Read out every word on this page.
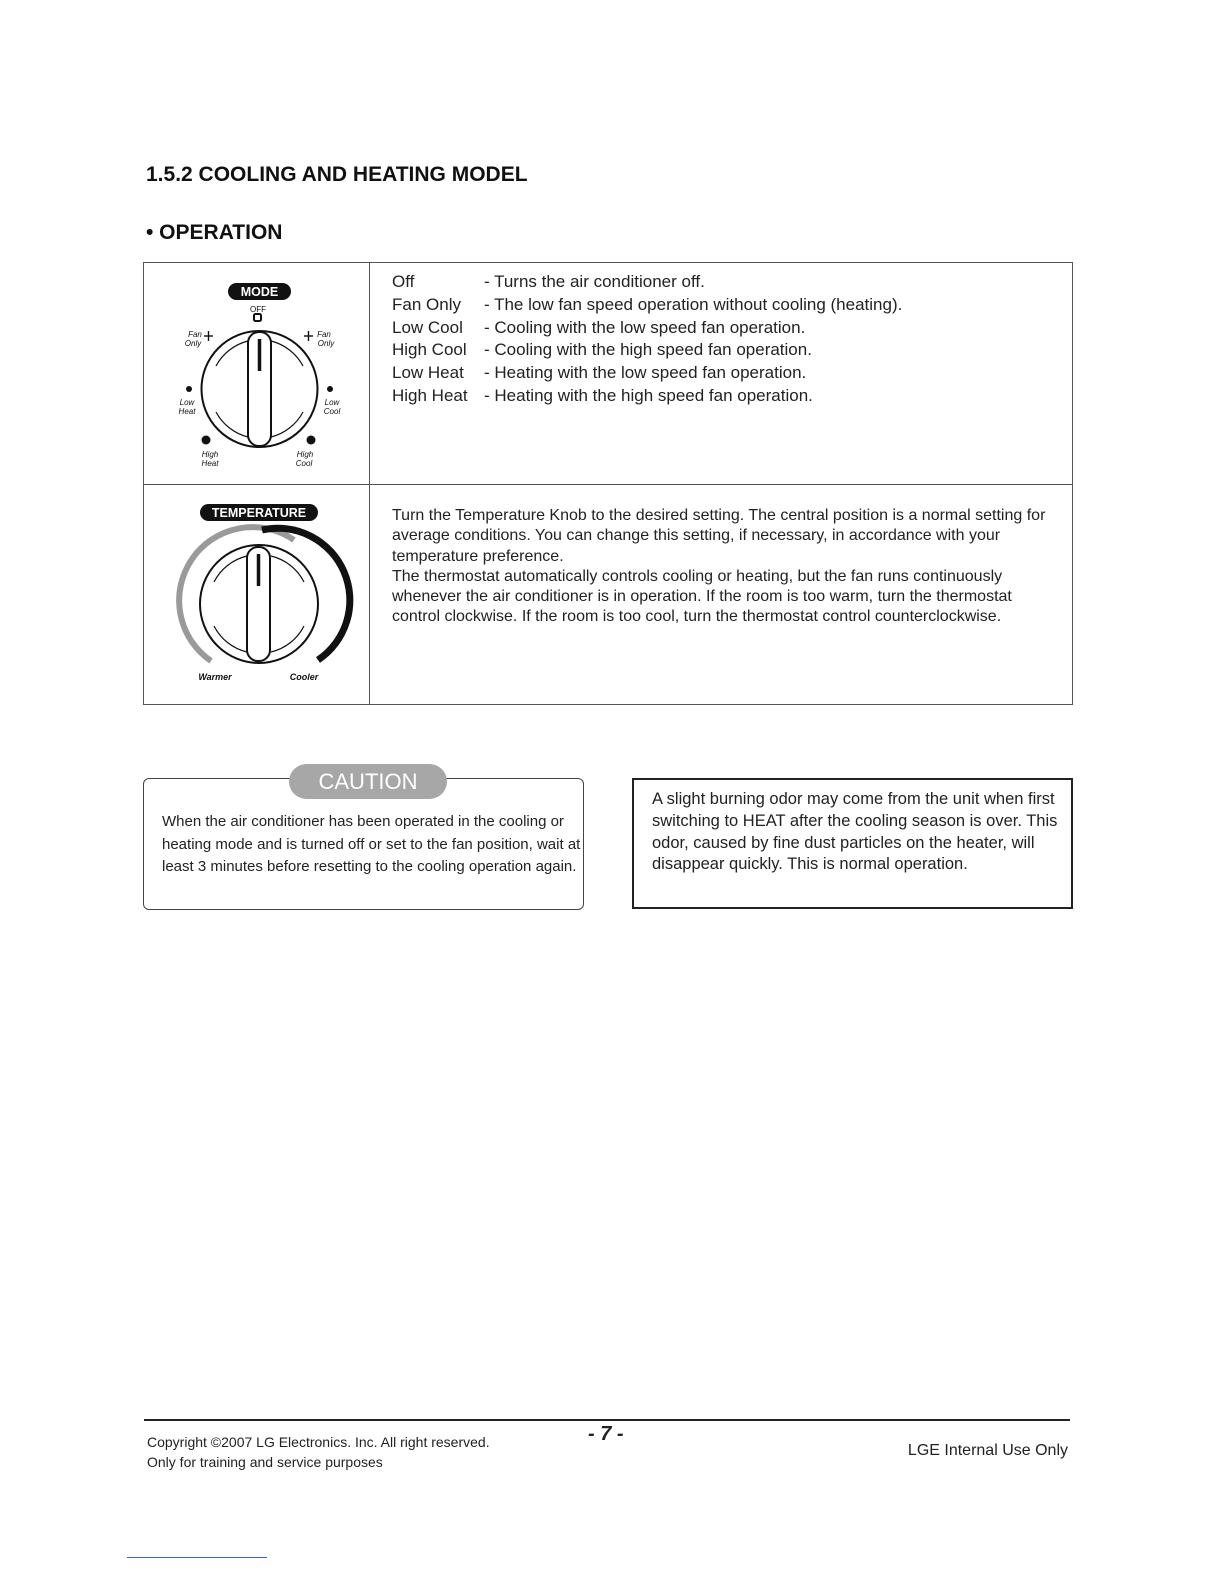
1.5.2 COOLING AND HEATING MODEL
• OPERATION
MODE
OFF
Fan
Only
Fan
Only
Low
Heat
Low
Cool
High
Heat
High
Cool
Off	- Turns the air conditioner off.
Fan Only	- The low fan speed operation without cooling (heating).
Low Cool	- Cooling with the low speed fan operation.
High Cool	- Cooling with the high speed fan operation.
Low Heat	- Heating with the low speed fan operation.
High Heat - Heating with the high speed fan operation.
TEMPERATURE
Warmer	Cooler

Turn the Temperature Knob to the desired setting. The central position is a normal setting for average conditions. You can change this setting, if necessary, in accordance with your temperature preference.

The thermostat automatically controls cooling or heating, but the fan runs continuously whenever the air conditioner is in operation. If the room is too warm, turn the thermostat control clockwise. If the room is too cool, turn the thermostat control counterclockwise.

CAUTION
When the air conditioner has been operated in the cooling or heating mode and is turned off or set to the fan position, wait at least 3 minutes before resetting to the cooling operation again.
A slight burning odor may come from the unit when first switching to HEAT after the cooling season is over. This odor, caused by fine dust particles on the heater, will disappear quickly. This is normal operation.
Copyright ©2007 LG Electronics. Inc. All right reserved.
Only for training and service purposes
- 7 -
LGE Internal Use Only
